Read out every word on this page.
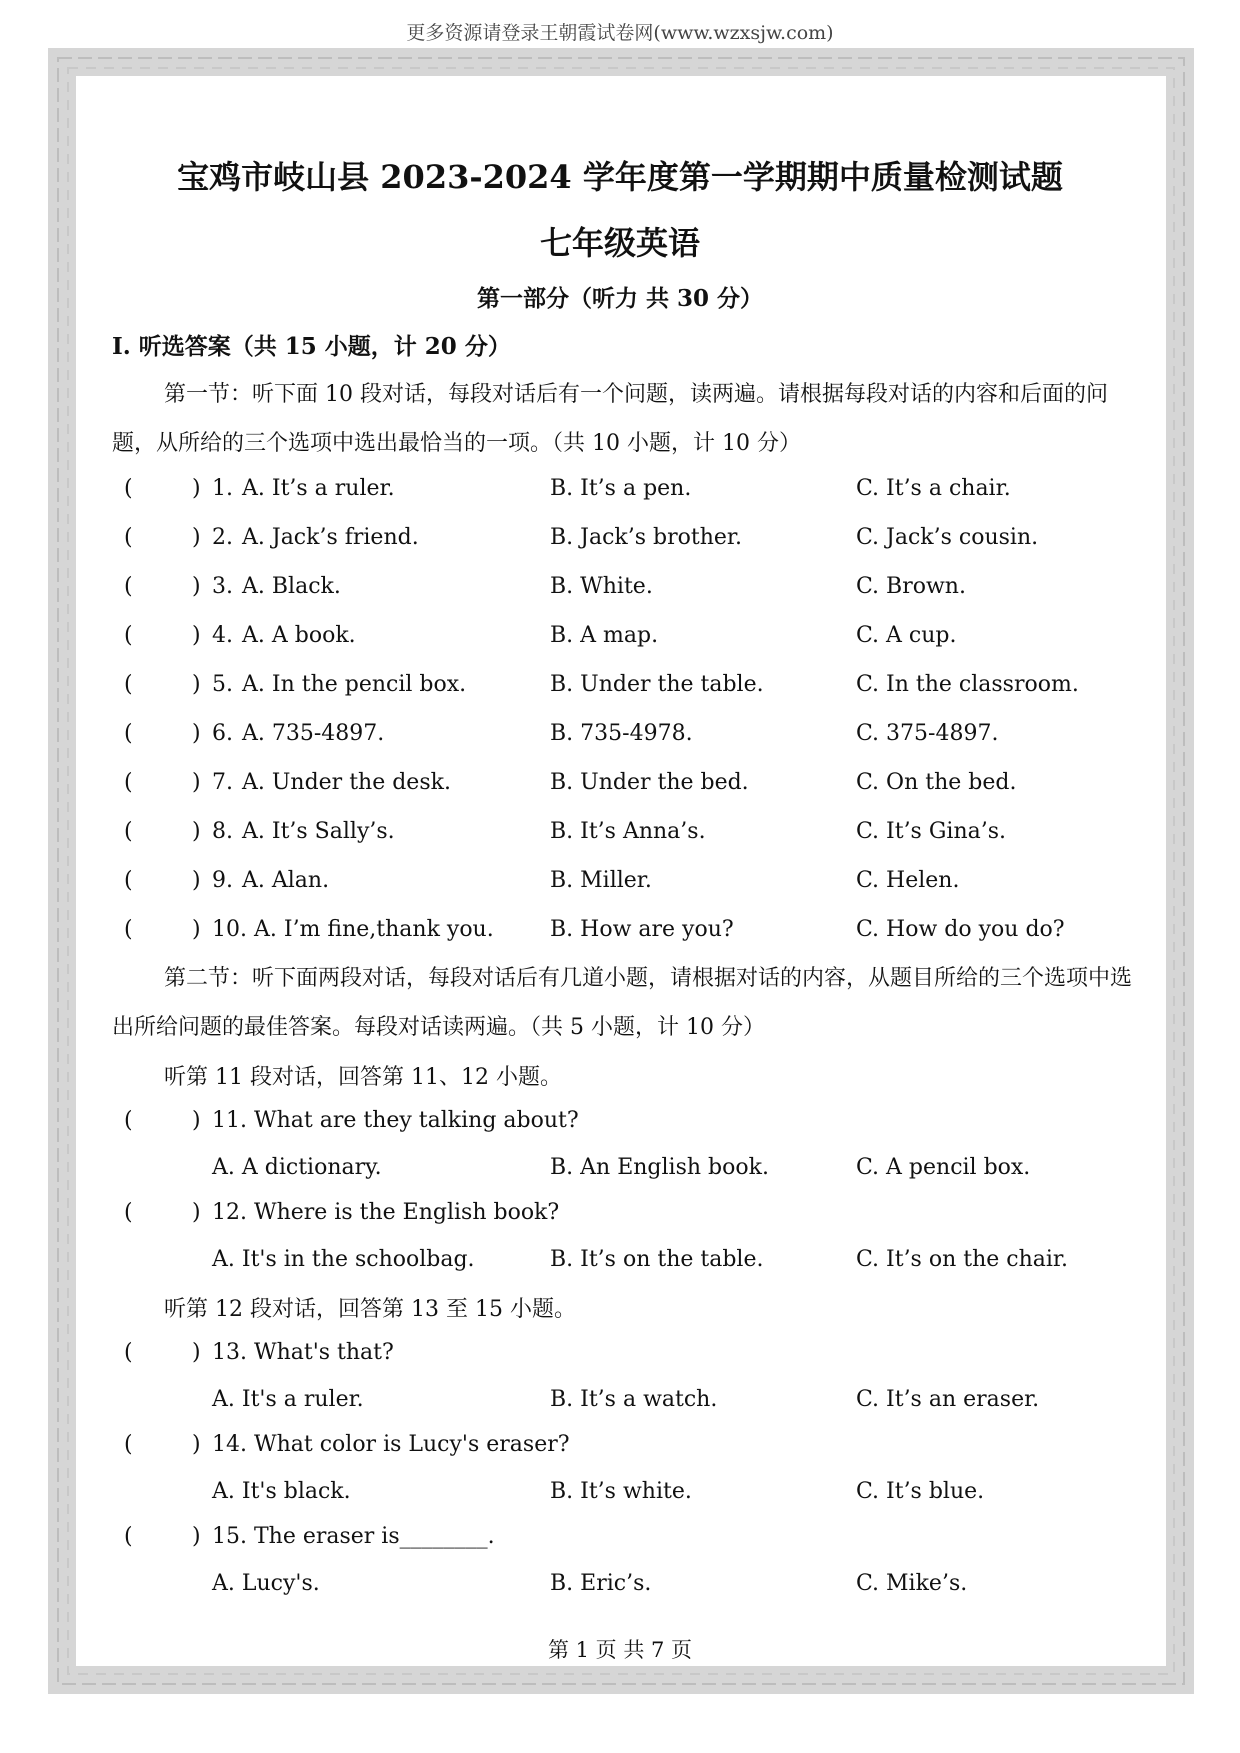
更多资源请登录王朝霞试卷网(www.wzxsjw.com)
宝鸡市岐山县 2023-2024 学年度第一学期期中质量检测试题
七年级英语
第一部分（听力 共 30 分）
I. 听选答案（共 15 小题，计 20 分）
第一节：听下面 10 段对话，每段对话后有一个问题，读两遍。请根据每段对话的内容和后面的问题，从所给的三个选项中选出最恰当的一项。（共 10 小题，计 10 分）
(	) 1. A. It’s a ruler.	B. It’s a pen.	C. It’s a chair.
(	) 2. A. Jack’s friend.	B. Jack’s brother.	C. Jack’s cousin.
(	) 3. A. Black.	B. White.	C. Brown.
(	) 4. A. A book.	B. A map.	C. A cup.
(	) 5. A. In the pencil box.	B. Under the table.	C. In the classroom.
(	) 6. A. 735-4897.	B. 735-4978.	C. 375-4897.
(	) 7. A. Under the desk.	B. Under the bed.	C. On the bed.
(	) 8. A. It’s Sally’s.	B. It’s Anna’s.	C. It’s Gina’s.
(	) 9. A. Alan.	B. Miller.	C. Helen.
(	) 10. A. I’m fine,thank you.	B. How are you?	C. How do you do?
第二节：听下面两段对话，每段对话后有几道小题，请根据对话的内容，从题目所给的三个选项中选出所给问题的最佳答案。每段对话读两遍。（共 5 小题，计 10 分）
听第 11 段对话，回答第 11、12 小题。
(	) 11. What are they talking about?
A. A dictionary.	B. An English book.	C. A pencil box.
(	) 12. Where is the English book?
A. It's in the schoolbag.	B. It’s on the table.	C. It’s on the chair.
听第 12 段对话，回答第 13 至 15 小题。
(	) 13. What's that?
A. It's a ruler.	B. It’s a watch.	C. It’s an eraser.
(	) 14. What color is Lucy's eraser?
A. It's black.	B. It’s white.	C. It’s blue.
(	) 15. The eraser is________.
A. Lucy's.	B. Eric’s.	C. Mike’s.
第 1 页 共 7 页
